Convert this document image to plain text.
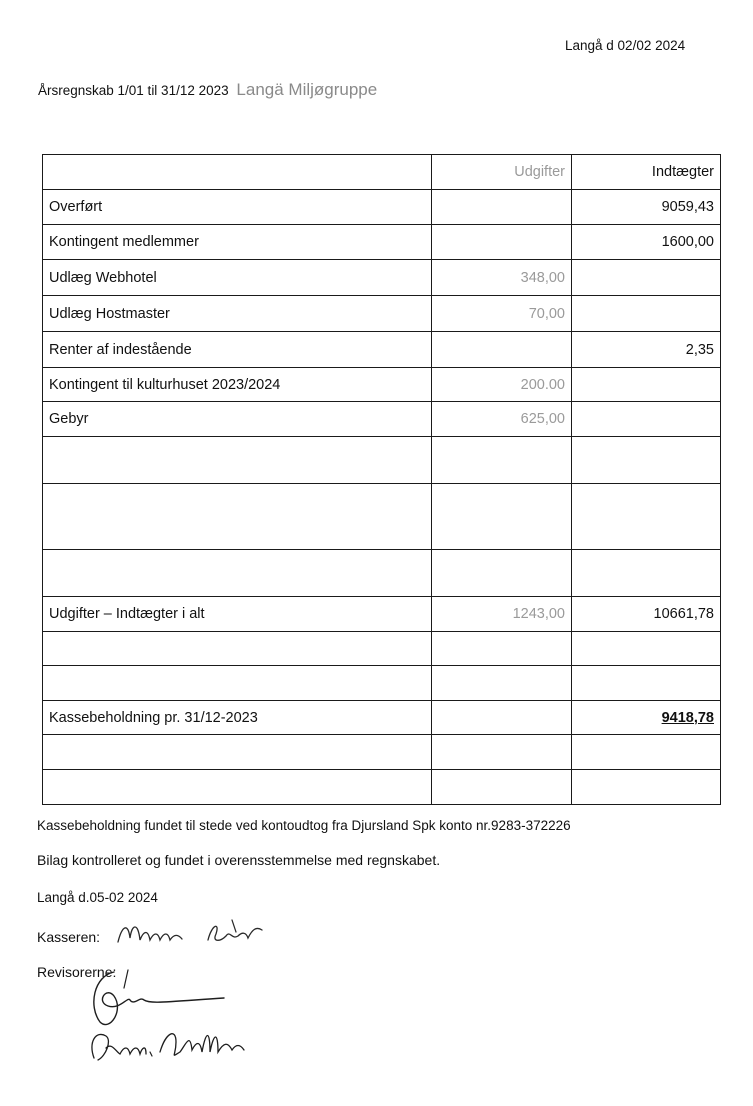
Langå d 02/02 2024
Årsregnskab 1/01 til 31/12 2023 Langä Miljøgruppe
	Udgifter	Indtægter
Overført		9059,43
Kontingent medlemmer		1600,00
Udlæg Webhotel	348,00	
Udlæg Hostmaster	70,00	
Renter af indestående		2,35
Kontingent til kulturhuset 2023/2024	200.00	
Gebyr	625,00	

Udgifter – Indtægter i alt	1243,00	10661,78

Kassebeholdning pr. 31/12-2023		9418,78

Kassebeholdning fundet til stede ved kontoudtog fra Djursland Spk konto nr.9283-372226
Bilag kontrolleret og fundet i overensstemmelse med regnskabet.
Langå d.05-02 2024
Kasseren:
Revisorerne:
